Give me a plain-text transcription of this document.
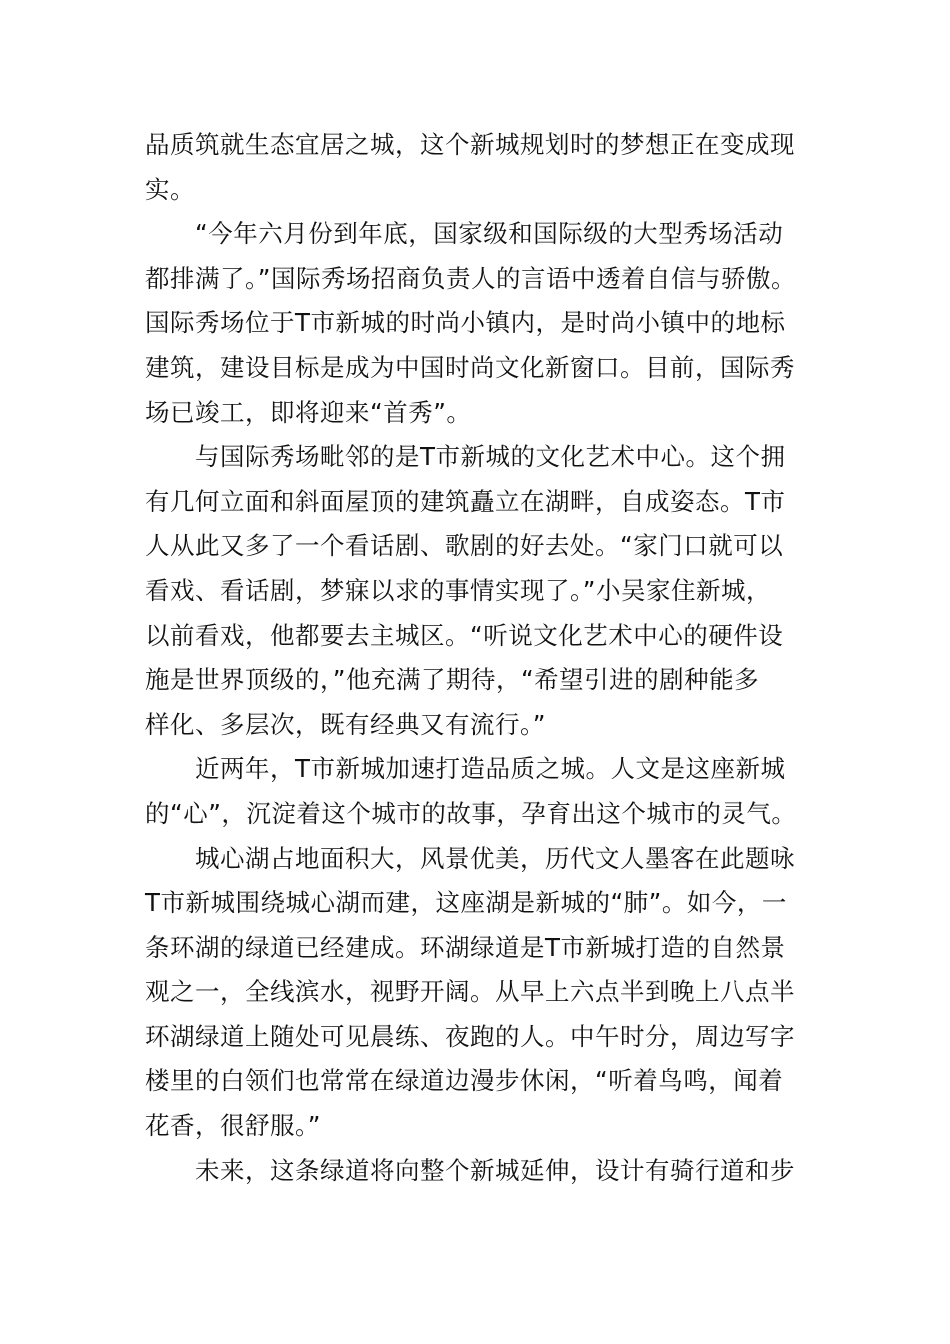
品质筑就生态宜居之城，这个新城规划时的梦想正在变成现
实。
“今年六月份到年底，国家级和国际级的大型秀场活动
都排满了。”国际秀场招商负责人的言语中透着自信与骄傲。
国际秀场位于T市新城的时尚小镇内，是时尚小镇中的地标
建筑，建设目标是成为中国时尚文化新窗口。目前，国际秀
场已竣工，即将迎来“首秀”。
与国际秀场毗邻的是T市新城的文化艺术中心。这个拥
有几何立面和斜面屋顶的建筑矗立在湖畔，自成姿态。T市
人从此又多了一个看话剧、歌剧的好去处。“家门口就可以
看戏、看话剧，梦寐以求的事情实现了。”小吴家住新城，
以前看戏，他都要去主城区。“听说文化艺术中心的硬件设
施是世界顶级的，”他充满了期待，“希望引进的剧种能多
样化、多层次，既有经典又有流行。”
近两年，T市新城加速打造品质之城。人文是这座新城
的“心”，沉淀着这个城市的故事，孕育出这个城市的灵气。
城心湖占地面积大，风景优美，历代文人墨客在此题咏
T市新城围绕城心湖而建，这座湖是新城的“肺”。如今，一
条环湖的绿道已经建成。环湖绿道是T市新城打造的自然景
观之一，全线滨水，视野开阔。从早上六点半到晚上八点半
环湖绿道上随处可见晨练、夜跑的人。中午时分，周边写字
楼里的白领们也常常在绿道边漫步休闲，“听着鸟鸣，闻着
花香，很舒服。”
未来，这条绿道将向整个新城延伸，设计有骑行道和步
